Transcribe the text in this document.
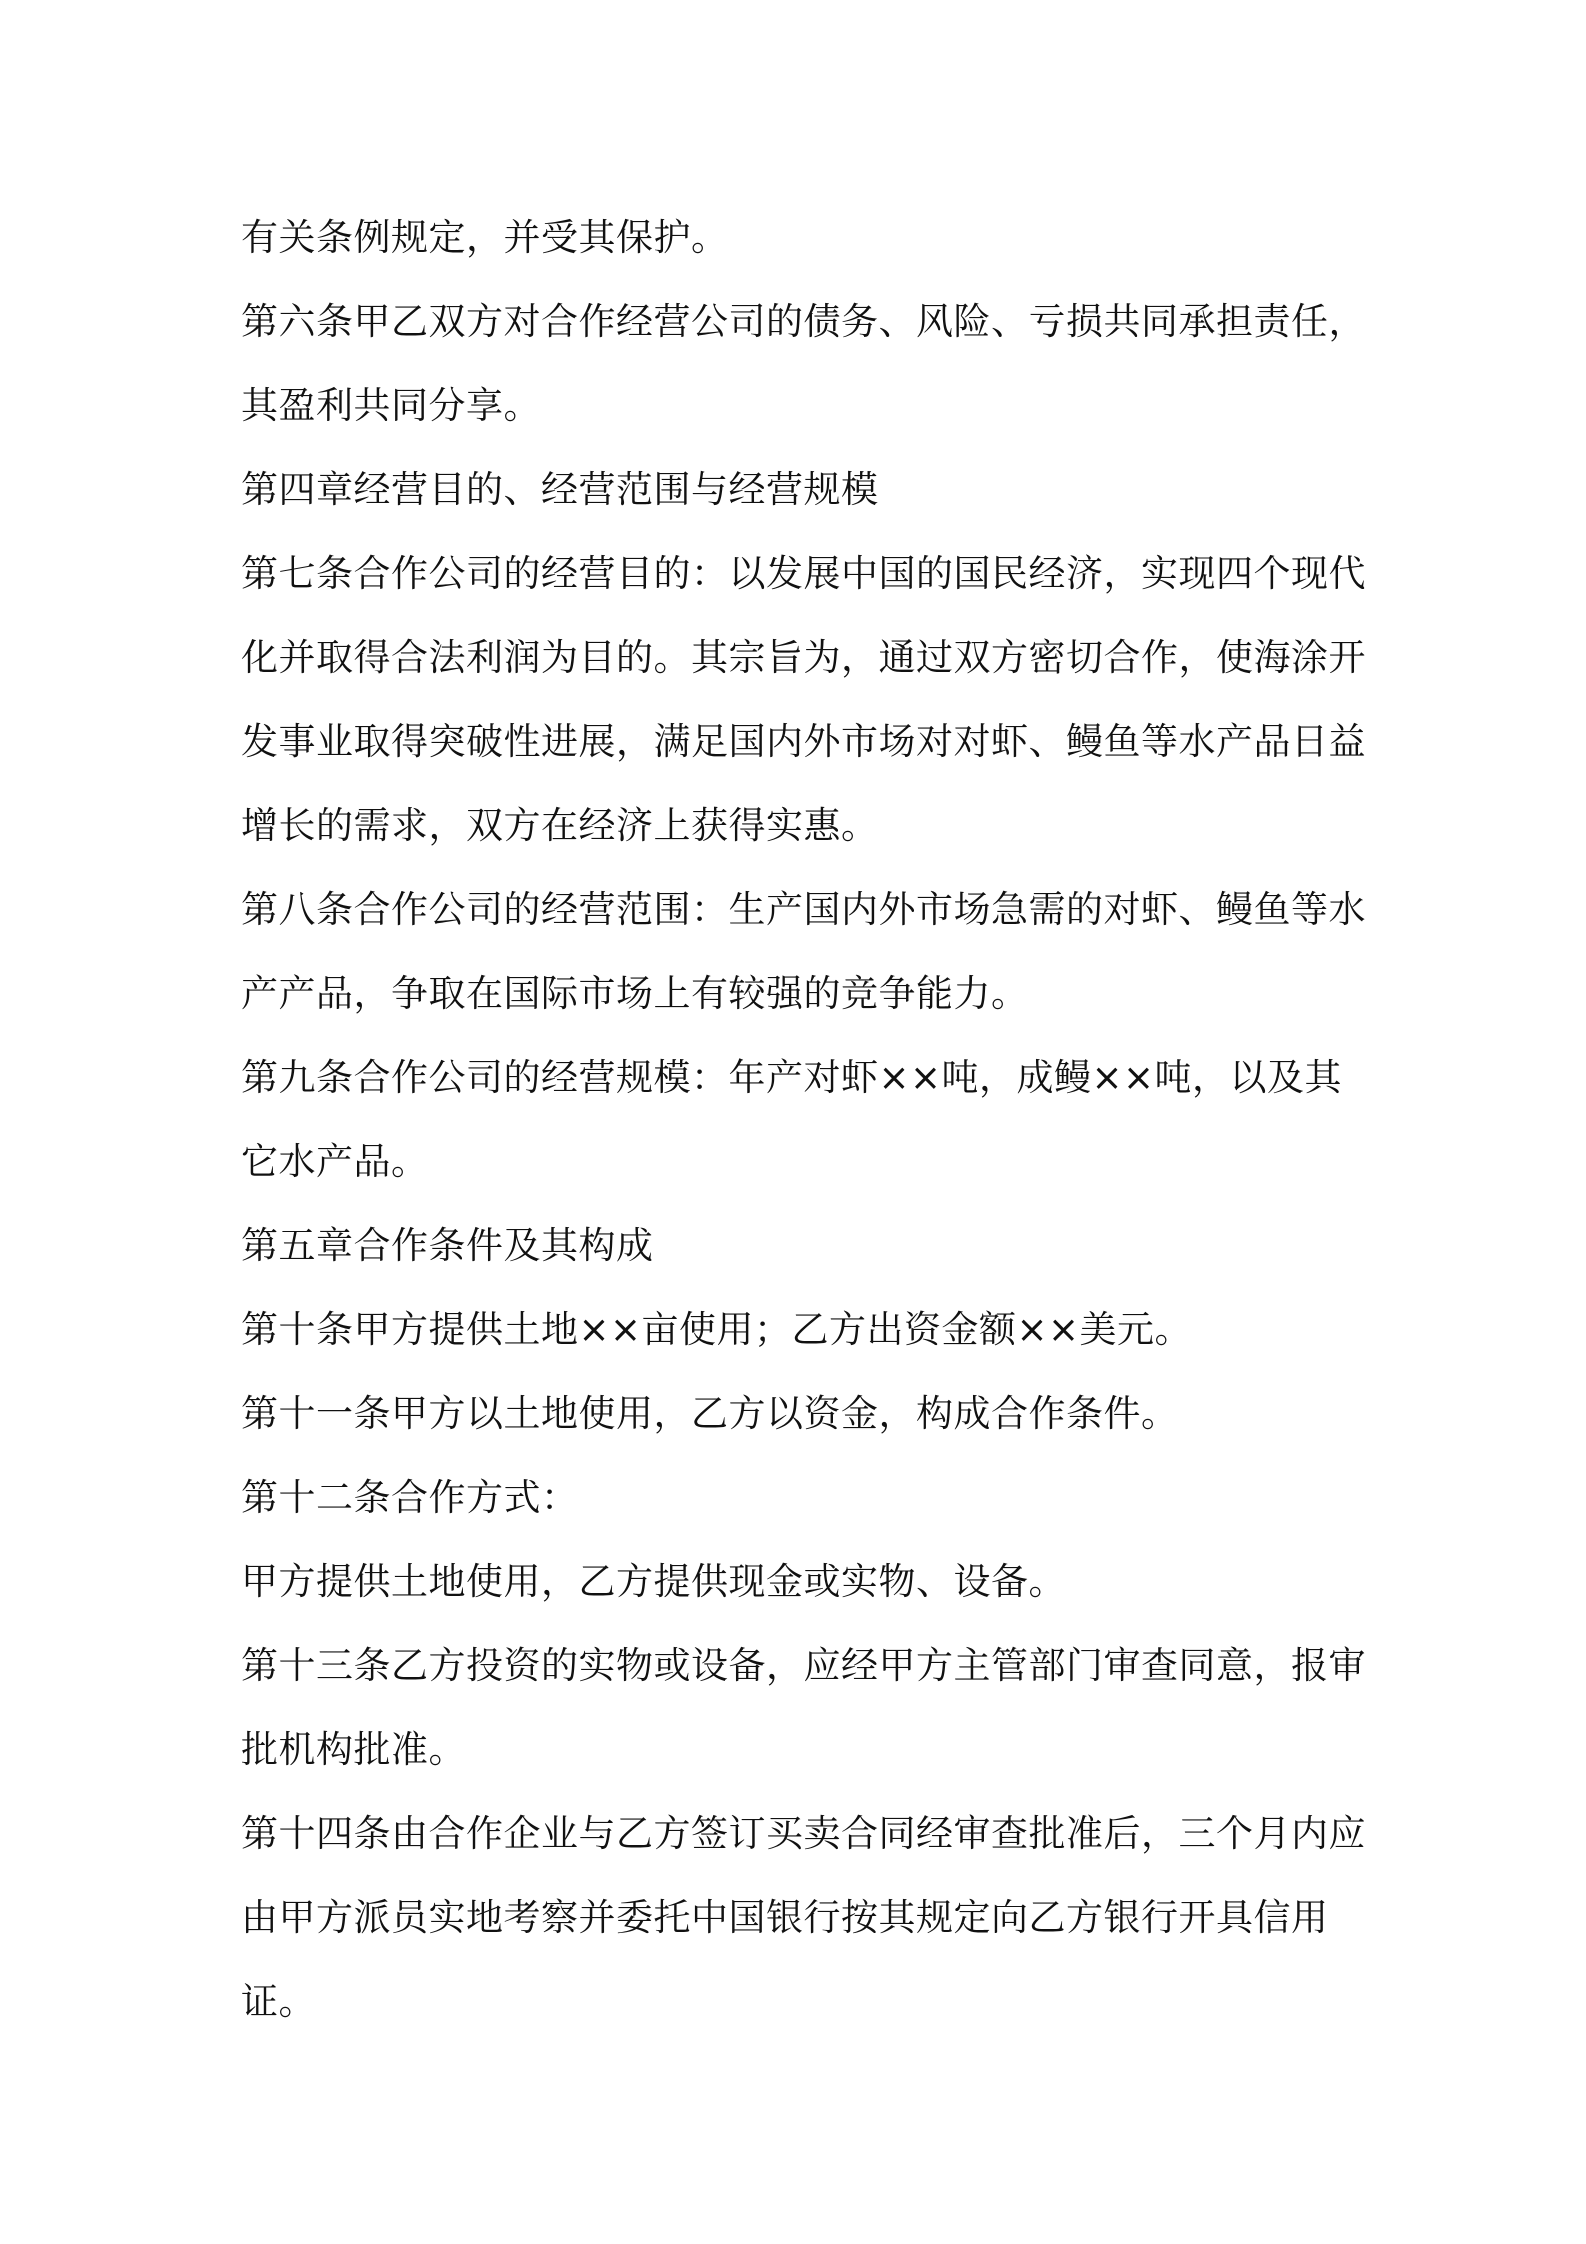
有关条例规定，并受其保护。
第六条甲乙双方对合作经营公司的债务、风险、亏损共同承担责任，
其盈利共同分享。
第四章经营目的、经营范围与经营规模
第七条合作公司的经营目的：以发展中国的国民经济，实现四个现代
化并取得合法利润为目的。其宗旨为，通过双方密切合作，使海涂开
发事业取得突破性进展，满足国内外市场对对虾、鳗鱼等水产品日益
增长的需求，双方在经济上获得实惠。
第八条合作公司的经营范围：生产国内外市场急需的对虾、鳗鱼等水
产产品，争取在国际市场上有较强的竞争能力。
第九条合作公司的经营规模：年产对虾××吨，成鳗××吨，以及其
它水产品。
第五章合作条件及其构成
第十条甲方提供土地××亩使用；乙方出资金额××美元。
第十一条甲方以土地使用，乙方以资金，构成合作条件。
第十二条合作方式：
甲方提供土地使用，乙方提供现金或实物、设备。
第十三条乙方投资的实物或设备，应经甲方主管部门审查同意，报审
批机构批准。
第十四条由合作企业与乙方签订买卖合同经审查批准后，三个月内应
由甲方派员实地考察并委托中国银行按其规定向乙方银行开具信用
证。
